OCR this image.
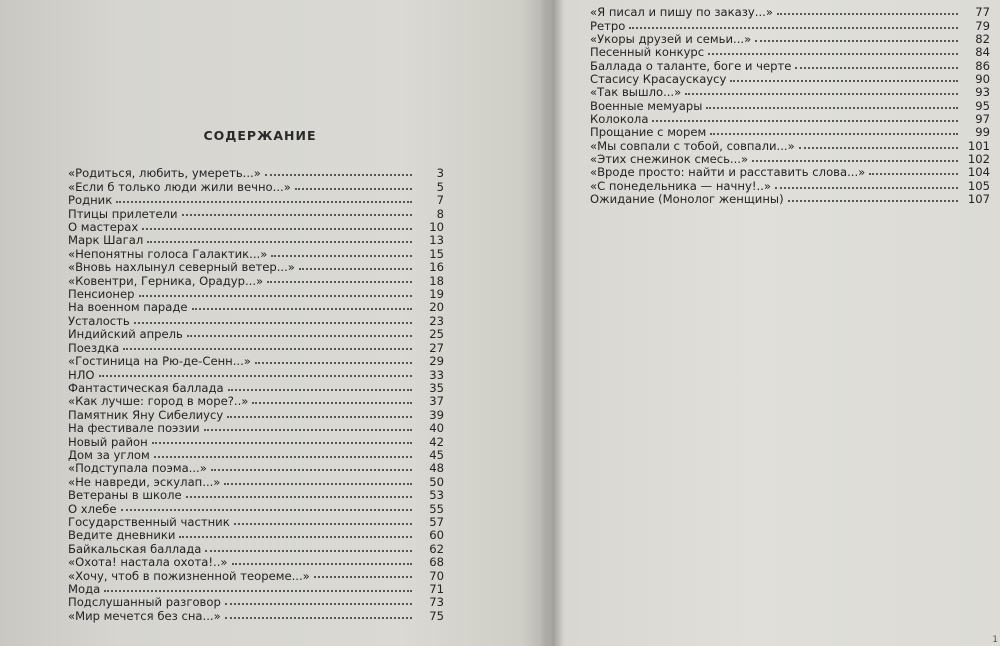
СОДЕРЖАНИЕ
«Родиться, любить, умереть...»	3
«Если б только люди жили вечно...»	5
Родник	7
Птицы прилетели	8
О мастерах	10
Марк Шагал	13
«Непонятны голоса Галактик...»	15
«Вновь нахлынул северный ветер...»	16
«Ковентри, Герника, Орадур...»	18
Пенсионер	19
На военном параде	20
Усталость	23
Индийский апрель	25
Поездка	27
«Гостиница на Рю-де-Сенн...»	29
НЛО	33
Фантастическая баллада	35
«Как лучше: город в море?..»	37
Памятник Яну Сибелиусу	39
На фестивале поэзии	40
Новый район	42
Дом за углом	45
«Подступала поэма...»	48
«Не навреди, эскулап...»	50
Ветераны в школе	53
О хлебе	55
Государственный частник	57
Ведите дневники	60
Байкальская баллада	62
«Охота! настала охота!..»	68
«Хочу, чтоб в пожизненной теореме...»	70
Мода	71
Подслушанный разговор	73
«Мир мечется без сна...»	75
«Я писал и пишу по заказу...»	77
Ретро	79
«Укоры друзей и семьи...»	82
Песенный конкурс	84
Баллада о таланте, боге и черте	86
Стасису Красаускаусу	90
«Так вышло...»	93
Военные мемуары	95
Колокола	97
Прощание с морем	99
«Мы совпали с тобой, совпали...»	101
«Этих снежинок смесь...»	102
«Вроде просто: найти и расставить слова...»	104
«С понедельника — начну!..»	105
Ожидание (Монолог женщины)	107
1
